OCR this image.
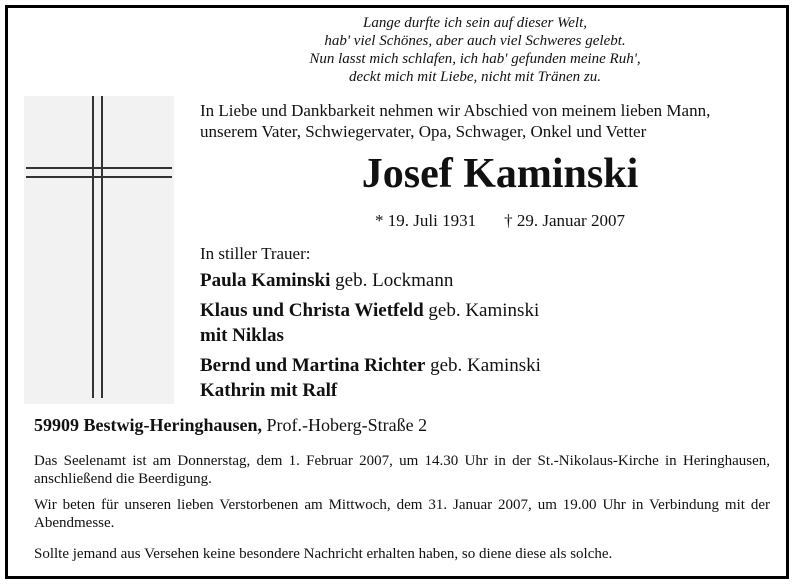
Lange durfte ich sein auf dieser Welt,
hab' viel Schönes, aber auch viel Schweres gelebt.
Nun lasst mich schlafen, ich hab' gefunden meine Ruh',
deckt mich mit Liebe, nicht mit Tränen zu.
In Liebe und Dankbarkeit nehmen wir Abschied von meinem lieben Mann,
unserem Vater, Schwiegervater, Opa, Schwager, Onkel und Vetter
Josef Kaminski
* 19. Juli 1931 † 29. Januar 2007
In stiller Trauer:
Paula Kaminski geb. Lockmann
Klaus und Christa Wietfeld geb. Kaminski
mit Niklas
Bernd und Martina Richter geb. Kaminski
Kathrin mit Ralf
59909 Bestwig-Heringhausen, Prof.-Hoberg-Straße 2
Das Seelenamt ist am Donnerstag, dem 1. Februar 2007, um 14.30 Uhr in der St.-Nikolaus-Kirche in Heringhausen, anschließend die Beerdigung.
Wir beten für unseren lieben Verstorbenen am Mittwoch, dem 31. Januar 2007, um 19.00 Uhr in Verbindung mit der Abendmesse.
Sollte jemand aus Versehen keine besondere Nachricht erhalten haben, so diene diese als solche.
